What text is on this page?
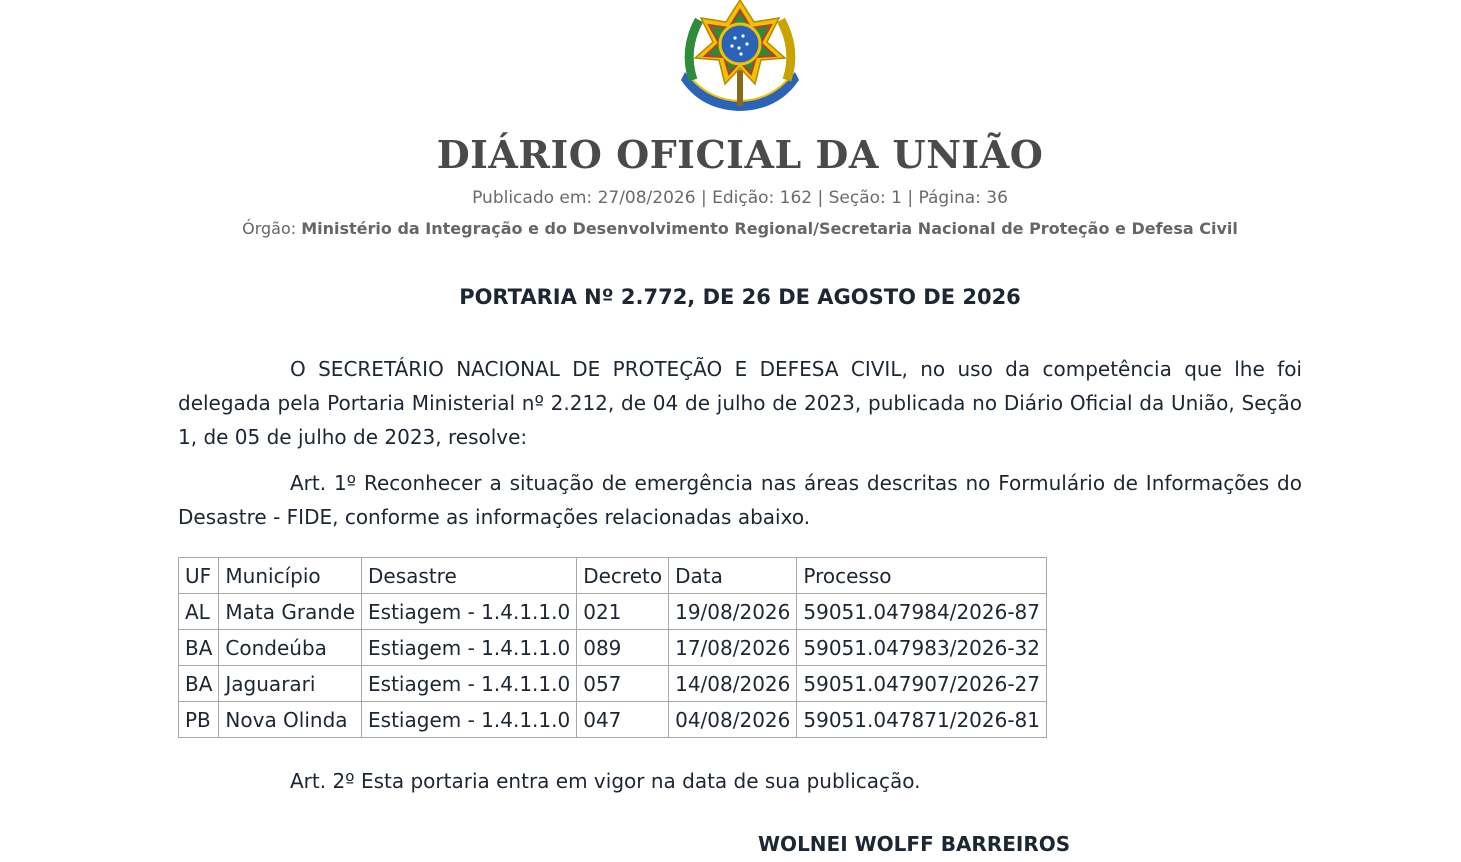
DIÁRIO OFICIAL DA UNIÃO
Publicado em: 27/08/2026 | Edição: 162 | Seção: 1 | Página: 36
Órgão: Ministério da Integração e do Desenvolvimento Regional/Secretaria Nacional de Proteção e Defesa Civil
PORTARIA Nº 2.772, DE 26 DE AGOSTO DE 2026

O SECRETÁRIO NACIONAL DE PROTEÇÃO E DEFESA CIVIL, no uso da competência que lhe foi delegada pela Portaria Ministerial nº 2.212, de 04 de julho de 2023, publicada no Diário Oficial da União, Seção 1, de 05 de julho de 2023, resolve:

Art. 1º Reconhecer a situação de emergência nas áreas descritas no Formulário de Informações do Desastre - FIDE, conforme as informações relacionadas abaixo.

UF	Município	Desastre	Decreto	Data	Processo
AL	Mata Grande	Estiagem - 1.4.1.1.0	021	19/08/2026	59051.047984/2026-87
BA	Condeúba	Estiagem - 1.4.1.1.0	089	17/08/2026	59051.047983/2026-32
BA	Jaguarari	Estiagem - 1.4.1.1.0	057	14/08/2026	59051.047907/2026-27
PB	Nova Olinda	Estiagem - 1.4.1.1.0	047	04/08/2026	59051.047871/2026-81

Art. 2º Esta portaria entra em vigor na data de sua publicação.

WOLNEI WOLFF BARREIROS
